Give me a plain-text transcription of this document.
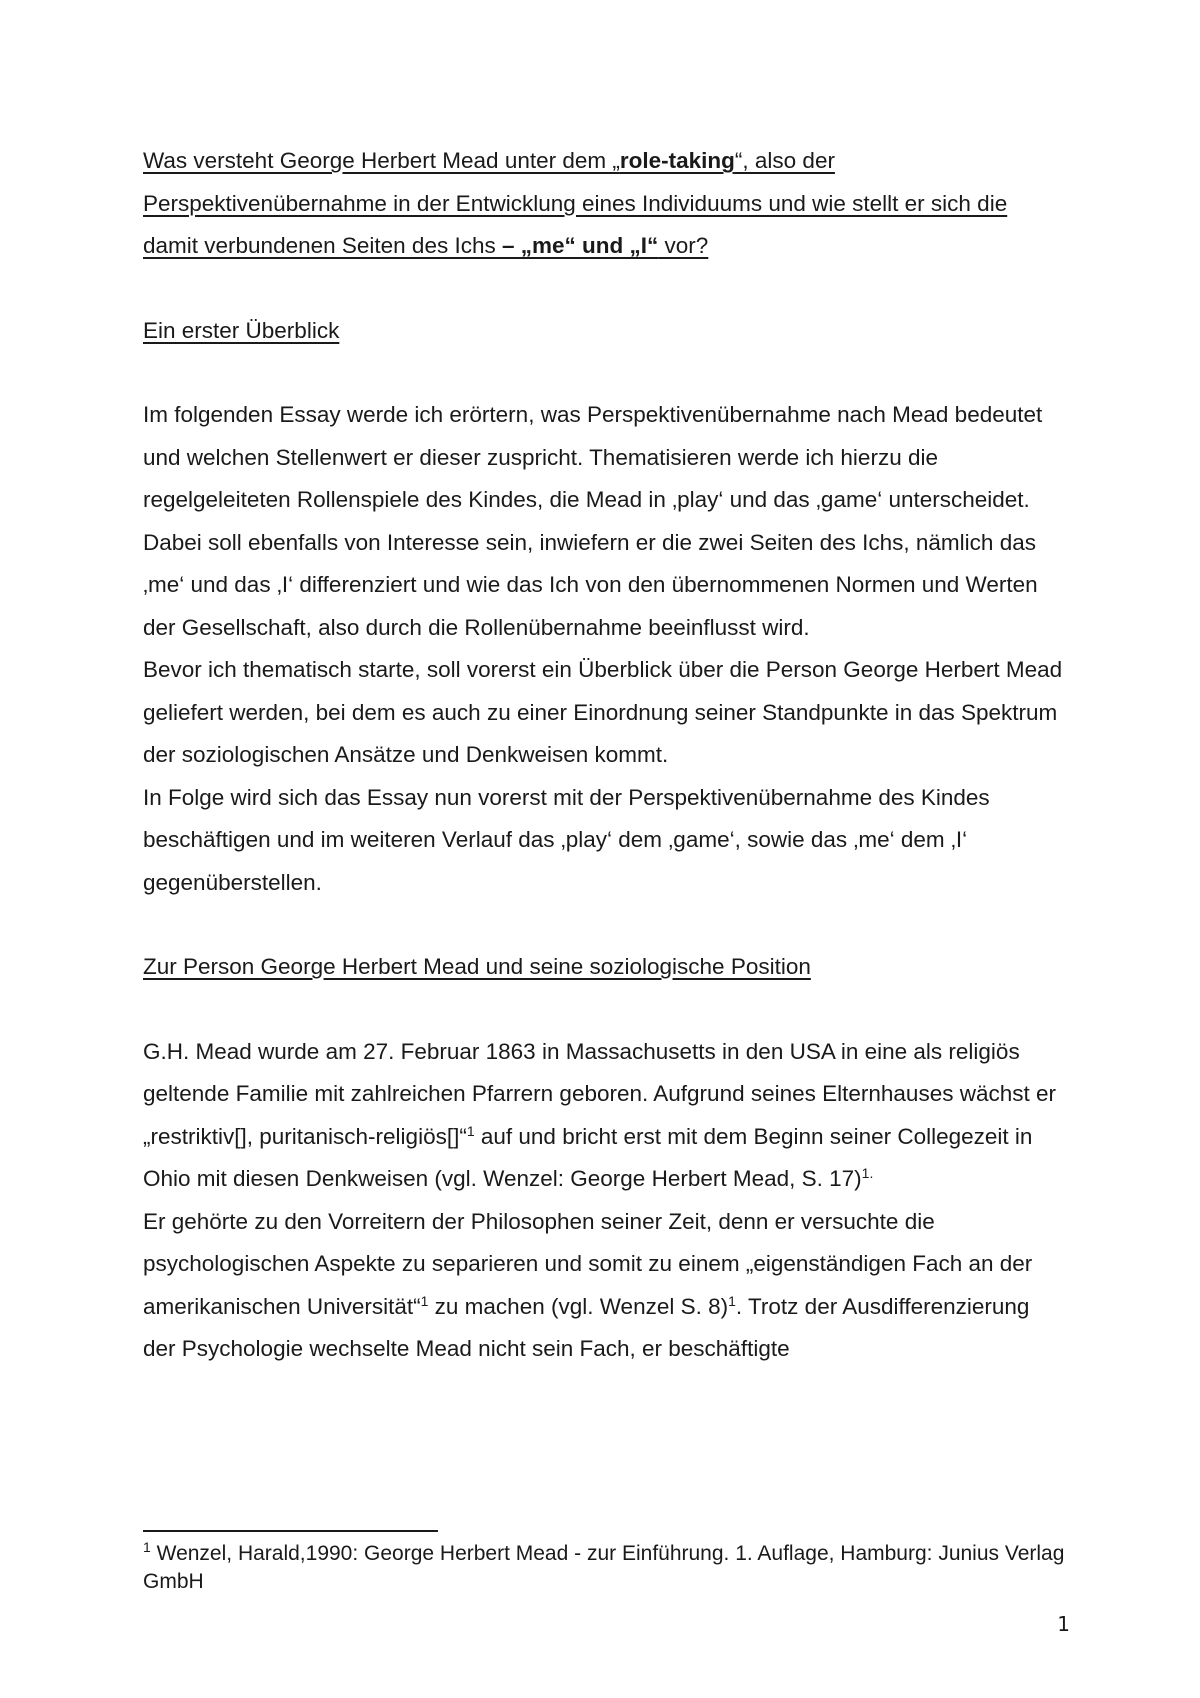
Was versteht George Herbert Mead unter dem „role-taking“, also der Perspektivenübernahme in der Entwicklung eines Individuums und wie stellt er sich die damit verbundenen Seiten des Ichs – „me“ und „I“ vor?

Ein erster Überblick

Im folgenden Essay werde ich erörtern, was Perspektivenübernahme nach Mead bedeutet und welchen Stellenwert er dieser zuspricht. Thematisieren werde ich hierzu die regelgeleiteten Rollenspiele des Kindes, die Mead in ‚play‘ und das ‚game‘ unterscheidet. Dabei soll ebenfalls von Interesse sein, inwiefern er die zwei Seiten des Ichs, nämlich das ‚me‘ und das ‚I‘ differenziert und wie das Ich von den übernommenen Normen und Werten der Gesellschaft, also durch die Rollenübernahme beeinflusst wird.

Bevor ich thematisch starte, soll vorerst ein Überblick über die Person George Herbert Mead geliefert werden, bei dem es auch zu einer Einordnung seiner Standpunkte in das Spektrum der soziologischen Ansätze und Denkweisen kommt.

In Folge wird sich das Essay nun vorerst mit der Perspektivenübernahme des Kindes beschäftigen und im weiteren Verlauf das ‚play‘ dem ‚game‘, sowie das ‚me‘ dem ‚I‘ gegenüberstellen.

Zur Person George Herbert Mead und seine soziologische Position

G.H. Mead wurde am 27. Februar 1863 in Massachusetts in den USA in eine als religiös geltende Familie mit zahlreichen Pfarrern geboren. Aufgrund seines Elternhauses wächst er „restriktiv[], puritanisch-religiös[]“$^1$ auf und bricht erst mit dem Beginn seiner Collegezeit in Ohio mit diesen Denkweisen (vgl. Wenzel: George Herbert Mead, S. 17)$^{1.}$

Er gehörte zu den Vorreitern der Philosophen seiner Zeit, denn er versuchte die psychologischen Aspekte zu separieren und somit zu einem „eigenständigen Fach an der amerikanischen Universität“$^1$ zu machen (vgl. Wenzel S. 8)$^1$. Trotz der Ausdifferenzierung der Psychologie wechselte Mead nicht sein Fach, er beschäftigte

$^1$ Wenzel, Harald,1990: George Herbert Mead - zur Einführung. 1. Auflage, Hamburg: Junius Verlag GmbH
1
